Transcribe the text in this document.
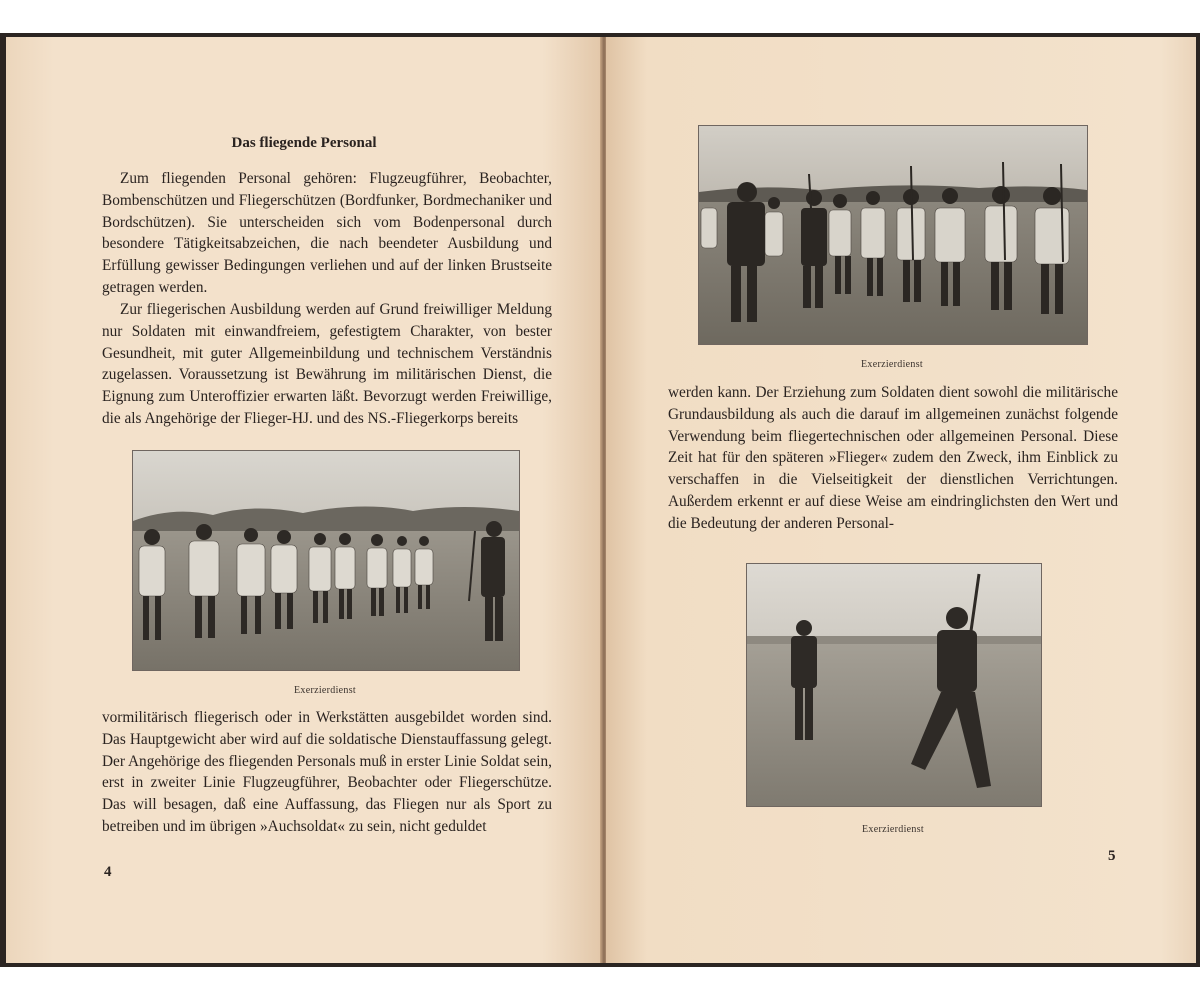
Das fliegende Personal

Zum fliegenden Personal gehören: Flugzeugführer, Beobachter, Bombenschützen und Fliegerschützen (Bordfunker, Bordmechaniker und Bordschützen). Sie unterscheiden sich vom Bodenpersonal durch besondere Tätigkeitsabzeichen, die nach beendeter Ausbildung und Erfüllung gewisser Bedingungen verliehen und auf der linken Brustseite getragen werden.

Zur fliegerischen Ausbildung werden auf Grund freiwilliger Meldung nur Soldaten mit einwandfreiem, gefestigtem Charakter, von bester Gesundheit, mit guter Allgemeinbildung und technischem Verständnis zugelassen. Voraussetzung ist Bewährung im militärischen Dienst, die Eignung zum Unteroffizier erwarten läßt. Bevorzugt werden Freiwillige, die als Angehörige der Flieger-HJ. und des NS.-Fliegerkorps bereits

Exerzierdienst

vormilitärisch fliegerisch oder in Werkstätten ausgebildet worden sind. Das Hauptgewicht aber wird auf die soldatische Dienstauffassung gelegt. Der Angehörige des fliegenden Personals muß in erster Linie Soldat sein, erst in zweiter Linie Flugzeugführer, Beobachter oder Fliegerschütze. Das will besagen, daß eine Auffassung, das Fliegen nur als Sport zu betreiben und im übrigen »Auchsoldat« zu sein, nicht geduldet

4
Exerzierdienst

werden kann. Der Erziehung zum Soldaten dient sowohl die militärische Grundausbildung als auch die darauf im allgemeinen zunächst folgende Verwendung beim fliegertechnischen oder allgemeinen Personal. Diese Zeit hat für den späteren »Flieger« zudem den Zweck, ihm Einblick zu verschaffen in die Vielseitigkeit der dienstlichen Verrichtungen. Außerdem erkennt er auf diese Weise am eindringlichsten den Wert und die Bedeutung der anderen Personal-

Exerzierdienst
5
